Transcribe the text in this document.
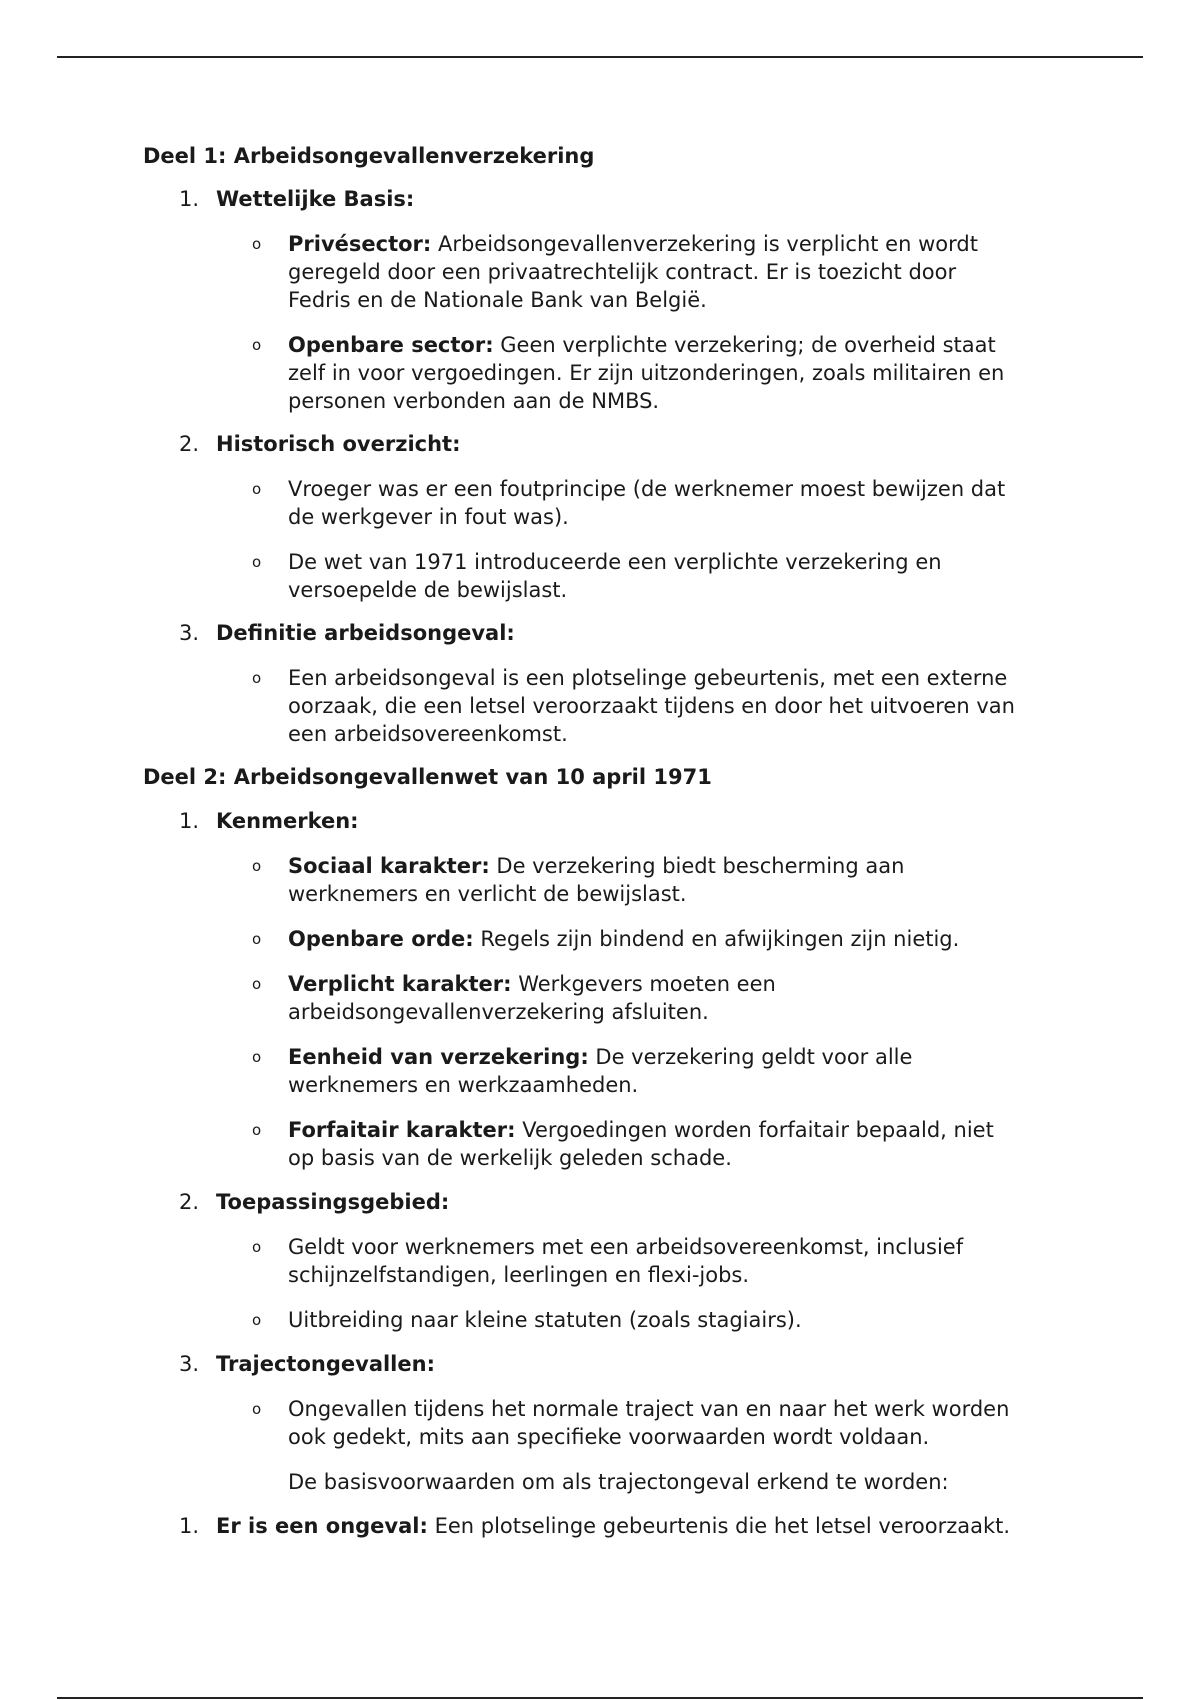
Deel 1: Arbeidsongevallenverzekering
1. Wettelijke Basis:
o Privésector: Arbeidsongevallenverzekering is verplicht en wordt
geregeld door een privaatrechtelijk contract. Er is toezicht door
Fedris en de Nationale Bank van België.
o Openbare sector: Geen verplichte verzekering; de overheid staat
zelf in voor vergoedingen. Er zijn uitzonderingen, zoals militairen en
personen verbonden aan de NMBS.
2. Historisch overzicht:
o Vroeger was er een foutprincipe (de werknemer moest bewijzen dat
de werkgever in fout was).
o De wet van 1971 introduceerde een verplichte verzekering en
versoepelde de bewijslast.
3. Definitie arbeidsongeval:
o Een arbeidsongeval is een plotselinge gebeurtenis, met een externe
oorzaak, die een letsel veroorzaakt tijdens en door het uitvoeren van
een arbeidsovereenkomst.
Deel 2: Arbeidsongevallenwet van 10 april 1971
1. Kenmerken:
o Sociaal karakter: De verzekering biedt bescherming aan
werknemers en verlicht de bewijslast.
o Openbare orde: Regels zijn bindend en afwijkingen zijn nietig.
o Verplicht karakter: Werkgevers moeten een
arbeidsongevallenverzekering afsluiten.
o Eenheid van verzekering: De verzekering geldt voor alle
werknemers en werkzaamheden.
o Forfaitair karakter: Vergoedingen worden forfaitair bepaald, niet
op basis van de werkelijk geleden schade.
2. Toepassingsgebied:
o Geldt voor werknemers met een arbeidsovereenkomst, inclusief
schijnzelfstandigen, leerlingen en flexi-jobs.
o Uitbreiding naar kleine statuten (zoals stagiairs).
3. Trajectongevallen:
o Ongevallen tijdens het normale traject van en naar het werk worden
ook gedekt, mits aan specifieke voorwaarden wordt voldaan.
De basisvoorwaarden om als trajectongeval erkend te worden:
1. Er is een ongeval: Een plotselinge gebeurtenis die het letsel veroorzaakt.
